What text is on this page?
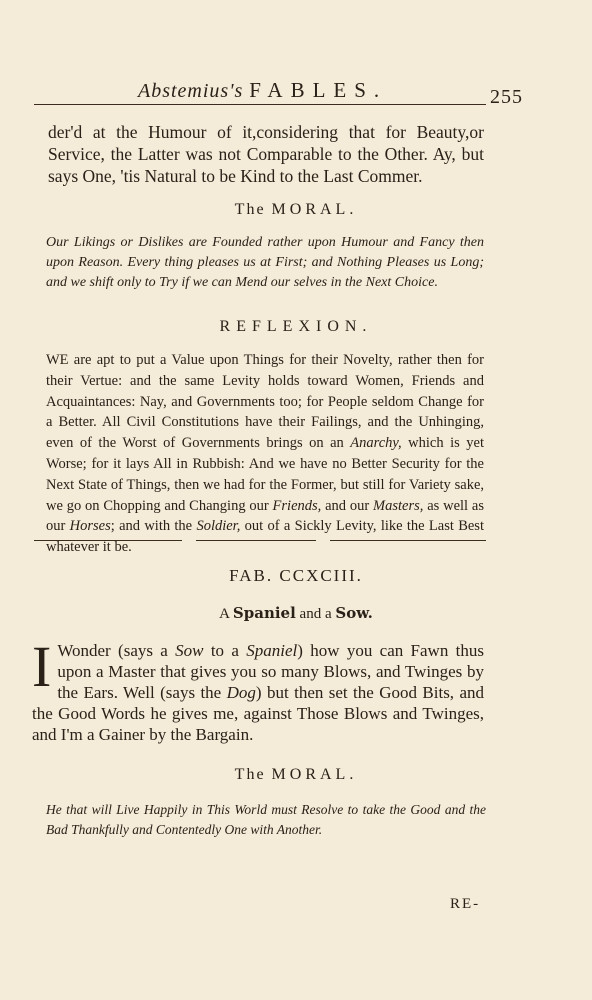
Abstemius's FABLES.	255
der'd at the Humour of it,considering that for Beauty,or Service, the Latter was not Comparable to the Other. Ay, but says One, 'tis Natural to be Kind to the Last Commer.
The MORAL.
Our Likings or Dislikes are Founded rather upon Humour and Fancy then upon Reason. Every thing pleases us at First; and Nothing Pleases us Long; and we shift only to Try if we can Mend our selves in the Next Choice.
REFLEXION.
WE are apt to put a Value upon Things for their Novelty, rather then for their Vertue: and the same Levity holds toward Women, Friends and Acquaintances: Nay, and Governments too; for People seldom Change for a Better. All Civil Constitutions have their Failings, and the Unhinging, even of the Worst of Governments brings on an Anarchy, which is yet Worse; for it lays All in Rubbish: And we have no Better Security for the Next State of Things, then we had for the Former, but still for Variety sake, we go on Chopping and Changing our Friends, and our Masters, as well as our Horses; and with the Soldier, out of a Sickly Levity, like the Last Best whatever it be.
FAB. CCXCIII.
A Spaniel and a Sow.
I Wonder (says a Sow to a Spaniel) how you can Fawn thus upon a Master that gives you so many Blows, and Twinges by the Ears. Well (says the Dog) but then set the Good Bits, and the Good Words he gives me, against Those Blows and Twinges, and I'm a Gainer by the Bargain.
The MORAL.
He that will Live Happily in This World must Resolve to take the Good and the Bad Thankfully and Contentedly One with Another.
RE-
